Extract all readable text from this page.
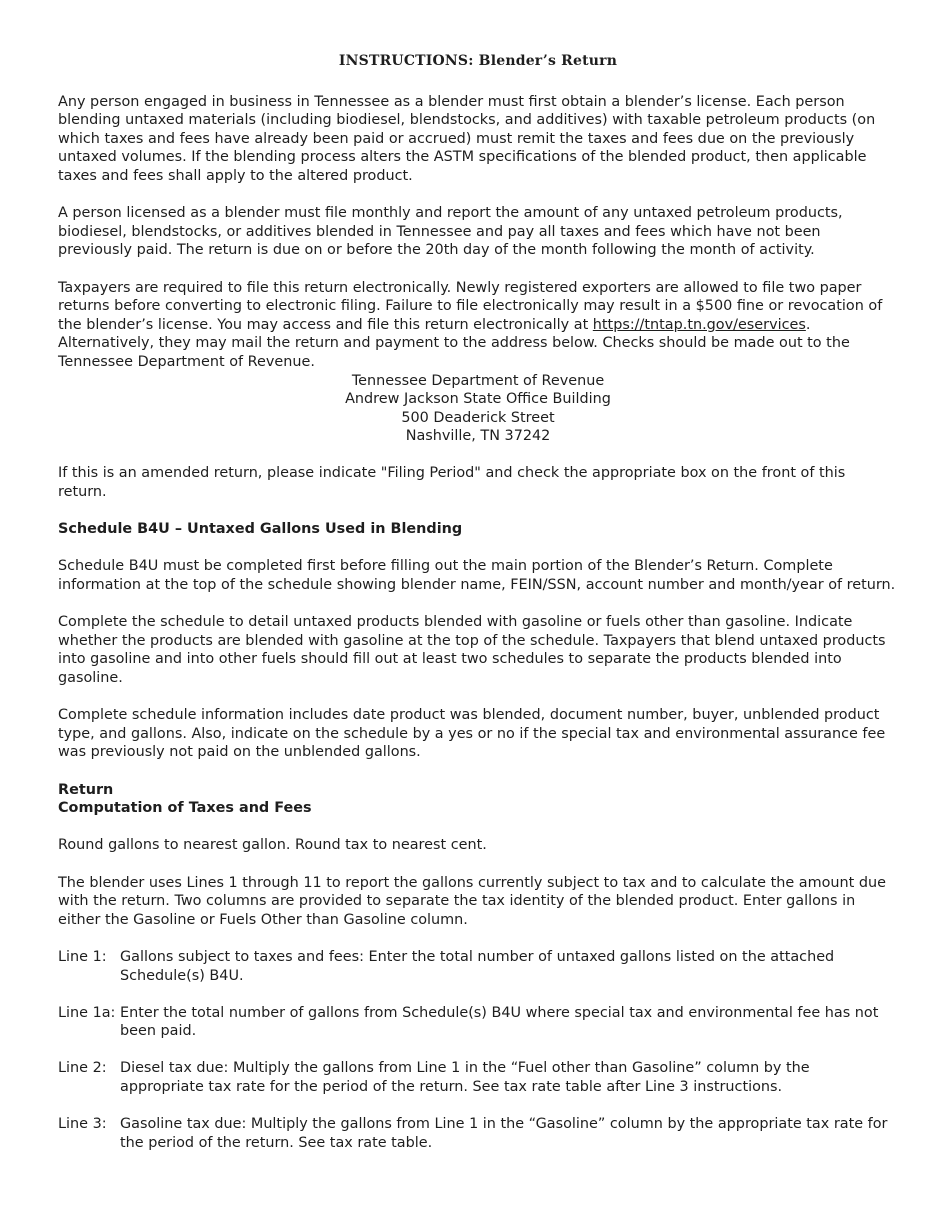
INSTRUCTIONS: Blender’s Return

Any person engaged in business in Tennessee as a blender must first obtain a blender’s license. Each person blending untaxed materials (including biodiesel, blendstocks, and additives) with taxable petroleum products (on which taxes and fees have already been paid or accrued) must remit the taxes and fees due on the previously untaxed volumes. If the blending process alters the ASTM specifications of the blended product, then applicable taxes and fees shall apply to the altered product.

A person licensed as a blender must file monthly and report the amount of any untaxed petroleum products, biodiesel, blendstocks, or additives blended in Tennessee and pay all taxes and fees which have not been previously paid. The return is due on or before the 20th day of the month following the month of activity.

Taxpayers are required to file this return electronically. Newly registered exporters are allowed to file two paper returns before converting to electronic filing. Failure to file electronically may result in a $500 fine or revocation of the blender’s license. You may access and file this return electronically at https://tntap.tn.gov/eservices. Alternatively, they may mail the return and payment to the address below. Checks should be made out to the Tennessee Department of Revenue.

Tennessee Department of Revenue
Andrew Jackson State Office Building
500 Deaderick Street
Nashville, TN 37242

If this is an amended return, please indicate "Filing Period" and check the appropriate box on the front of this return.

Schedule B4U – Untaxed Gallons Used in Blending

Schedule B4U must be completed first before filling out the main portion of the Blender’s Return. Complete information at the top of the schedule showing blender name, FEIN/SSN, account number and month/year of return.

Complete the schedule to detail untaxed products blended with gasoline or fuels other than gasoline. Indicate whether the products are blended with gasoline at the top of the schedule. Taxpayers that blend untaxed products into gasoline and into other fuels should fill out at least two schedules to separate the products blended into gasoline.

Complete schedule information includes date product was blended, document number, buyer, unblended product type, and gallons. Also, indicate on the schedule by a yes or no if the special tax and environmental assurance fee was previously not paid on the unblended gallons.

Return
Computation of Taxes and Fees

Round gallons to nearest gallon. Round tax to nearest cent.

The blender uses Lines 1 through 11 to report the gallons currently subject to tax and to calculate the amount due with the return. Two columns are provided to separate the tax identity of the blended product. Enter gallons in either the Gasoline or Fuels Other than Gasoline column.

Line 1: Gallons subject to taxes and fees: Enter the total number of untaxed gallons listed on the attached Schedule(s) B4U.
Line 1a: Enter the total number of gallons from Schedule(s) B4U where special tax and environmental fee has not been paid.
Line 2: Diesel tax due: Multiply the gallons from Line 1 in the “Fuel other than Gasoline” column by the appropriate tax rate for the period of the return. See tax rate table after Line 3 instructions.
Line 3: Gasoline tax due: Multiply the gallons from Line 1 in the “Gasoline” column by the appropriate tax rate for the period of the return. See tax rate table.
